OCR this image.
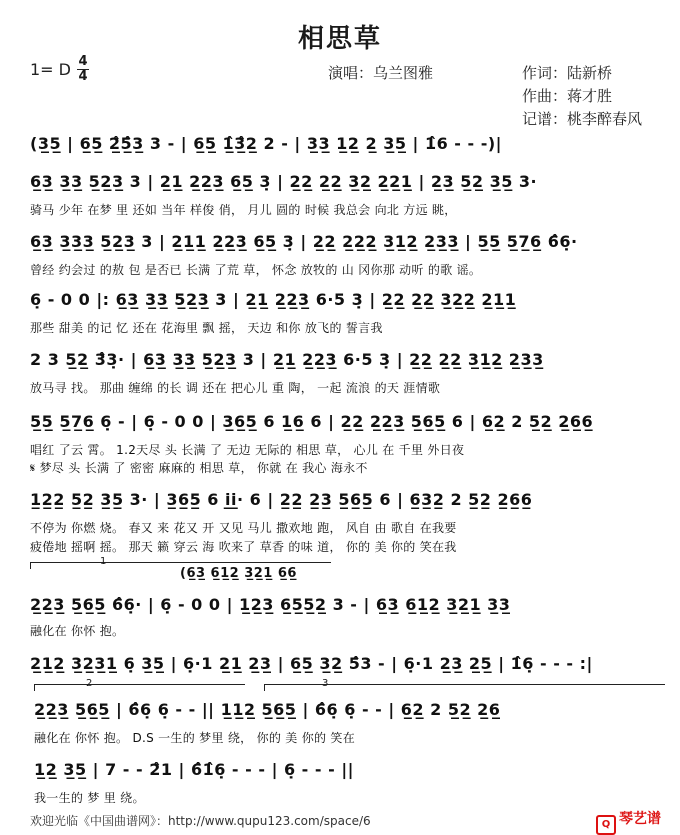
相思草
1= D 4
4	演唱：乌兰图雅	作词：陆新桥
作曲：蒋才胜
记谱：桃李醉春风
(3̲5̲ | 6̲5̲ 2̲̂5̲̂3̲ 3 - | 6̲5̲ 1̲̂3̲̂2̲ 2 - | 3̲3̲ 1̲2̲ 2̲ 3̲5̲ | 1̂6 - - -)|
6̲3̲ 3̲3̲ 5̲2̲3̲ 3 | 2̲1̲ 2̲2̲3̲ 6̲5̲ 3̣ | 2̲2̲ 2̲2̲ 3̲2̲ 2̲2̲1̲ | 2̲3̲ 5̲2̲ 3̲5̲ 3·
骑马 少年 在梦 里 还如 当年 样俊 俏， 月儿 圆的 时候 我总会 向北 方远 眺，
6̲3̲ 3̲3̲3̲ 5̲2̲3̲ 3 | 2̲1̲1̲ 2̲2̲3̲ 6̲5̲ 3̣ | 2̲2̲ 2̲2̲2̲ 3̲1̲2̲ 2̲3̲3̲ | 5̲5̲ 5̲7̲6̲ 6̂6̣·
曾经 约会过 的敖 包 是否已 长满 了荒 草， 怀念 放牧的 山 冈你那 动听 的歌 谣。
6̣ - 0 0 |: 6̲3̲ 3̲3̲ 5̲2̲3̲ 3 | 2̲1̲ 2̲2̲3̲ 6·5 3̣ | 2̲2̲ 2̲2̲ 3̲2̲2̲ 2̲1̲1̲
那些 甜美 的记 忆 还在 花海里 飘 摇， 天边 和你 放飞的 誓言我
2 3 5̲2̲ 3̂3̣· | 6̲3̲ 3̲3̲ 5̲2̲3̲ 3 | 2̲1̲ 2̲2̲3̲ 6·5 3̣ | 2̲2̲ 2̲2̲ 3̲1̲2̲ 2̲3̲3̲
放马寻 找。 那曲 缠绵 的长 调 还在 把心儿 重 陶， 一起 流浪 的天 涯情歌
5̲5̲ 5̲7̲6̲ 6̣ - | 6̣ - 0 0 | 3̲6̲5̲ 6 1̲6̲ 6 | 2̲2̲ 2̲2̲3̲ 5̲6̲5̲ 6 | 6̲2̲ 2 5̲2̲ 2̲6̲6̲
唱红 了云 霄。 1.2天尽 头 长满 了 无边 无际的 相思 草， 心儿 在 千里 外日夜
𝄋 梦尽 头 长满 了 密密 麻麻的 相思 草， 你就 在 我心 海永不
1̲2̲2̲ 5̲2̲ 3̲5̲ 3· | 3̲6̲5̲ 6 i̲i̲· 6 | 2̲2̲ 2̲3̲ 5̲6̲5̲ 6 | 6̲3̲2̲ 2 5̲2̲ 2̲6̲6̲
不停为 你燃 烧。 春又 来 花又 开 又见 马儿 撒欢地 跑， 风自 由 歌自 在我要
疲倦地 摇啊 摇。 那天 籁 穿云 海 吹来了 草香 的味 道， 你的 美 你的 笑在我
1
(6̲3̲ 6̲1̲2̲ 3̲2̲1̲ 6̲6̲
2̲2̲3̲ 5̲6̲5̲ 6̂6̣· | 6̣ - 0 0 | 1̲2̲3̲ 6̲5̲5̲2̲ 3 - | 6̲3̲ 6̲1̲2̲ 3̲2̲1̲ 3̲3̲
融化在 你怀 抱。
2̲1̲2̲ 3̲2̲3̲1̲ 6̣ 3̲5̲ | 6̣·1 2̲1̲ 2̲3̲ | 6̲5̲ 3̲2̲ 5̂3 - | 6̣·1 2̲3̲ 2̲5̲ | 1̂6̣ - - - :|
2	3
2̲2̲3̲ 5̲6̲5̲ | 6̂6̣ 6̣ - - || 1̲1̲2̲ 5̲6̲5̲ | 6̂6̣ 6̣ - - | 6̲2̲ 2 5̲2̲ 2̲6̲
融化在 你怀 抱。 D.S 一生的 梦里 绕， 你的 美 你的 笑在
1̲2̲ 3̲5̲ | 7 - - 2̂1 | 6̂1̂6̣ - - - | 6̣ - - - ||
我一生的 梦 里 绕。
欢迎光临《中国曲谱网》：http://www.qupu123.com/space/6	Q 琴艺谱
